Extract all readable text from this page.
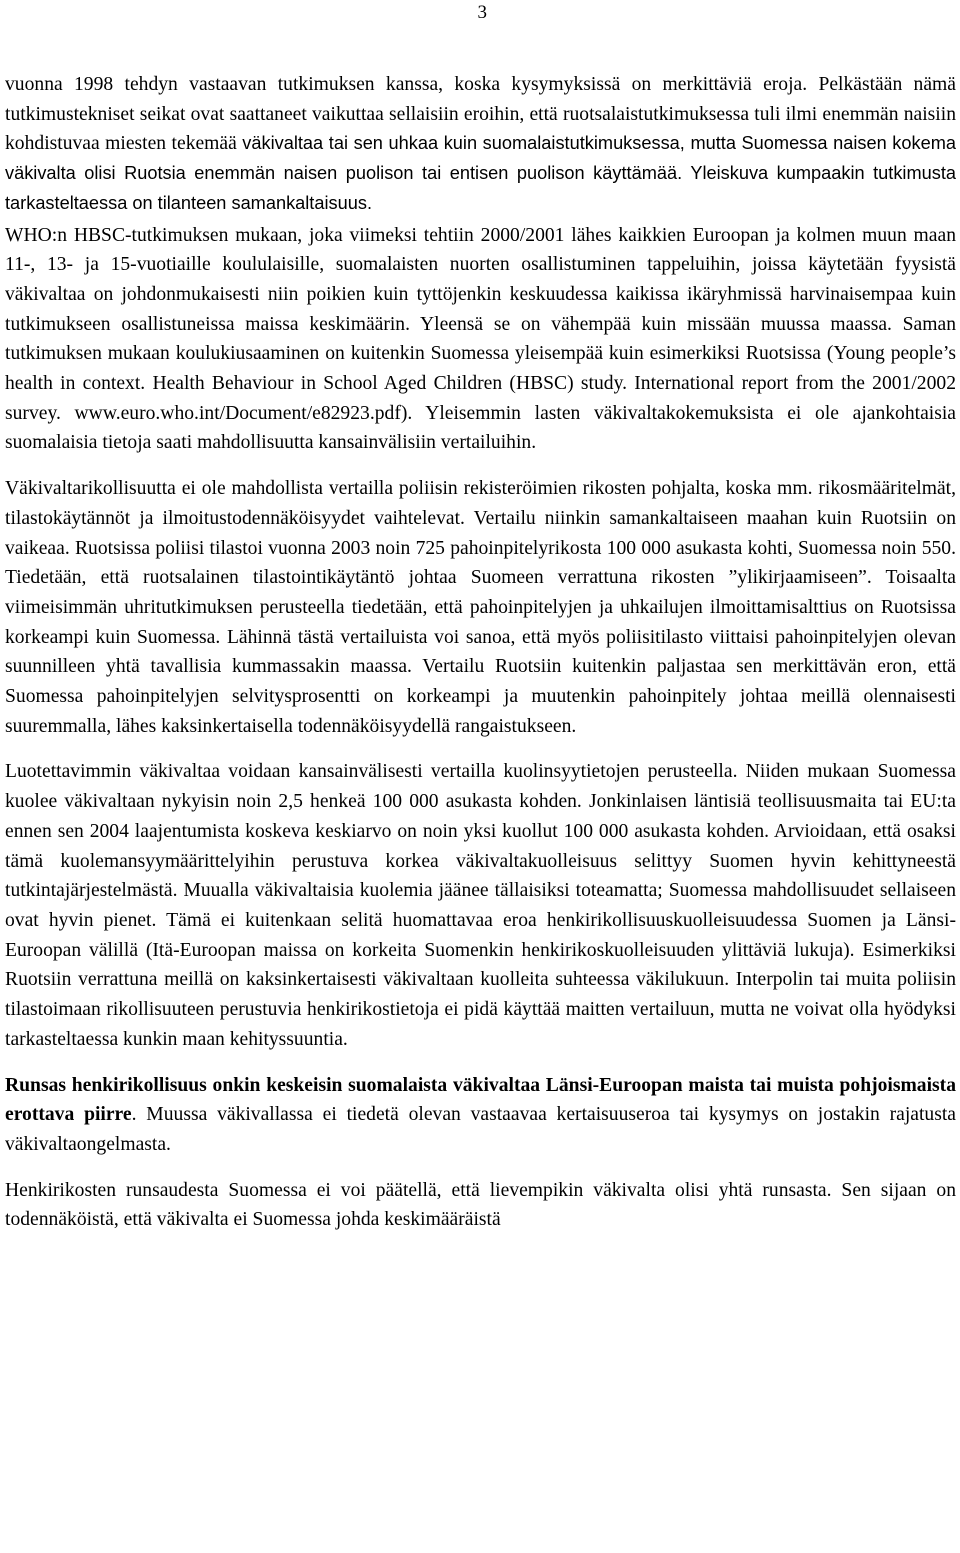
3

vuonna 1998 tehdyn vastaavan tutkimuksen kanssa, koska kysymyksissä on merkittäviä eroja. Pelkästään nämä tutkimustekniset seikat ovat saattaneet vaikuttaa sellaisiin eroihin, että ruotsalaistutkimuksessa tuli ilmi enemmän naisiin kohdistuvaa miesten tekemää väkivaltaa tai sen uhkaa kuin suomalaistutkimuksessa, mutta Suomessa naisen kokema väkivalta olisi Ruotsia enemmän naisen puolison tai entisen puolison käyttämää. Yleiskuva kumpaakin tutkimusta tarkasteltaessa on tilanteen samankaltaisuus.

WHO:n HBSC-tutkimuksen mukaan, joka viimeksi tehtiin 2000/2001 lähes kaikkien Euroopan ja kolmen muun maan 11-, 13- ja 15-vuotiaille koululaisille, suomalaisten nuorten osallistuminen tappeluihin, joissa käytetään fyysistä väkivaltaa on johdonmukaisesti niin poikien kuin tyttöjenkin keskuudessa kaikissa ikäryhmissä harvinaisempaa kuin tutkimukseen osallistuneissa maissa keskimäärin. Yleensä se on vähempää kuin missään muussa maassa. Saman tutkimuksen mukaan koulukiusaaminen on kuitenkin Suomessa yleisempää kuin esimerkiksi Ruotsissa (Young people’s health in context. Health Behaviour in School Aged Children (HBSC) study. International report from the 2001/2002 survey. www.euro.who.int/Document/e82923.pdf). Yleisemmin lasten väkivaltakokemuksista ei ole ajankohtaisia suomalaisia tietoja saati mahdollisuutta kansainvälisiin vertailuihin.

Väkivaltarikollisuutta ei ole mahdollista vertailla poliisin rekisteröimien rikosten pohjalta, koska mm. rikosmääritelmät, tilastokäytännöt ja ilmoitustodennäköisyydet vaihtelevat. Vertailu niinkin samankaltaiseen maahan kuin Ruotsiin on vaikeaa. Ruotsissa poliisi tilastoi vuonna 2003 noin 725 pahoinpitelyrikosta 100 000 asukasta kohti, Suomessa noin 550. Tiedetään, että ruotsalainen tilastointikäytäntö johtaa Suomeen verrattuna rikosten ”ylikirjaamiseen”. Toisaalta viimeisimmän uhritutkimuksen perusteella tiedetään, että pahoinpitelyjen ja uhkailujen ilmoittamisalttius on Ruotsissa korkeampi kuin Suomessa. Lähinnä tästä vertailuista voi sanoa, että myös poliisitilasto viittaisi pahoinpitelyjen olevan suunnilleen yhtä tavallisia kummassakin maassa. Vertailu Ruotsiin kuitenkin paljastaa sen merkittävän eron, että Suomessa pahoinpitelyjen selvitysprosentti on korkeampi ja muutenkin pahoinpitely johtaa meillä olennaisesti suuremmalla, lähes kaksinkertaisella todennäköisyydellä rangaistukseen.

Luotettavimmin väkivaltaa voidaan kansainvälisesti vertailla kuolinsyytietojen perusteella. Niiden mukaan Suomessa kuolee väkivaltaan nykyisin noin 2,5 henkeä 100 000 asukasta kohden. Jonkinlaisen läntisiä teollisuusmaita tai EU:ta ennen sen 2004 laajentumista koskeva keskiarvo on noin yksi kuollut 100 000 asukasta kohden. Arvioidaan, että osaksi tämä kuolemansyymäärittelyihin perustuva korkea väkivaltakuolleisuus selittyy Suomen hyvin kehittyneestä tutkintajärjestelmästä. Muualla väkivaltaisia kuolemia jäänee tällaisiksi toteamatta; Suomessa mahdollisuudet sellaiseen ovat hyvin pienet. Tämä ei kuitenkaan selitä huomattavaa eroa henkirikollisuuskuolleisuudessa Suomen ja Länsi-Euroopan välillä (Itä-Euroopan maissa on korkeita Suomenkin henkirikoskuolleisuuden ylittäviä lukuja). Esimerkiksi Ruotsiin verrattuna meillä on kaksinkertaisesti väkivaltaan kuolleita suhteessa väkilukuun. Interpolin tai muita poliisin tilastoimaan rikollisuuteen perustuvia henkirikostietoja ei pidä käyttää maitten vertailuun, mutta ne voivat olla hyödyksi tarkasteltaessa kunkin maan kehityssuuntia.

Runsas henkirikollisuus onkin keskeisin suomalaista väkivaltaa Länsi-Euroopan maista tai muista pohjoismaista erottava piirre. Muussa väkivallassa ei tiedetä olevan vastaavaa kertaisuuseroa tai kysymys on jostakin rajatusta väkivaltaongelmasta.

Henkirikosten runsaudesta Suomessa ei voi päätellä, että lievempikin väkivalta olisi yhtä runsasta. Sen sijaan on todennäköistä, että väkivalta ei Suomessa johda keskimääräistä
